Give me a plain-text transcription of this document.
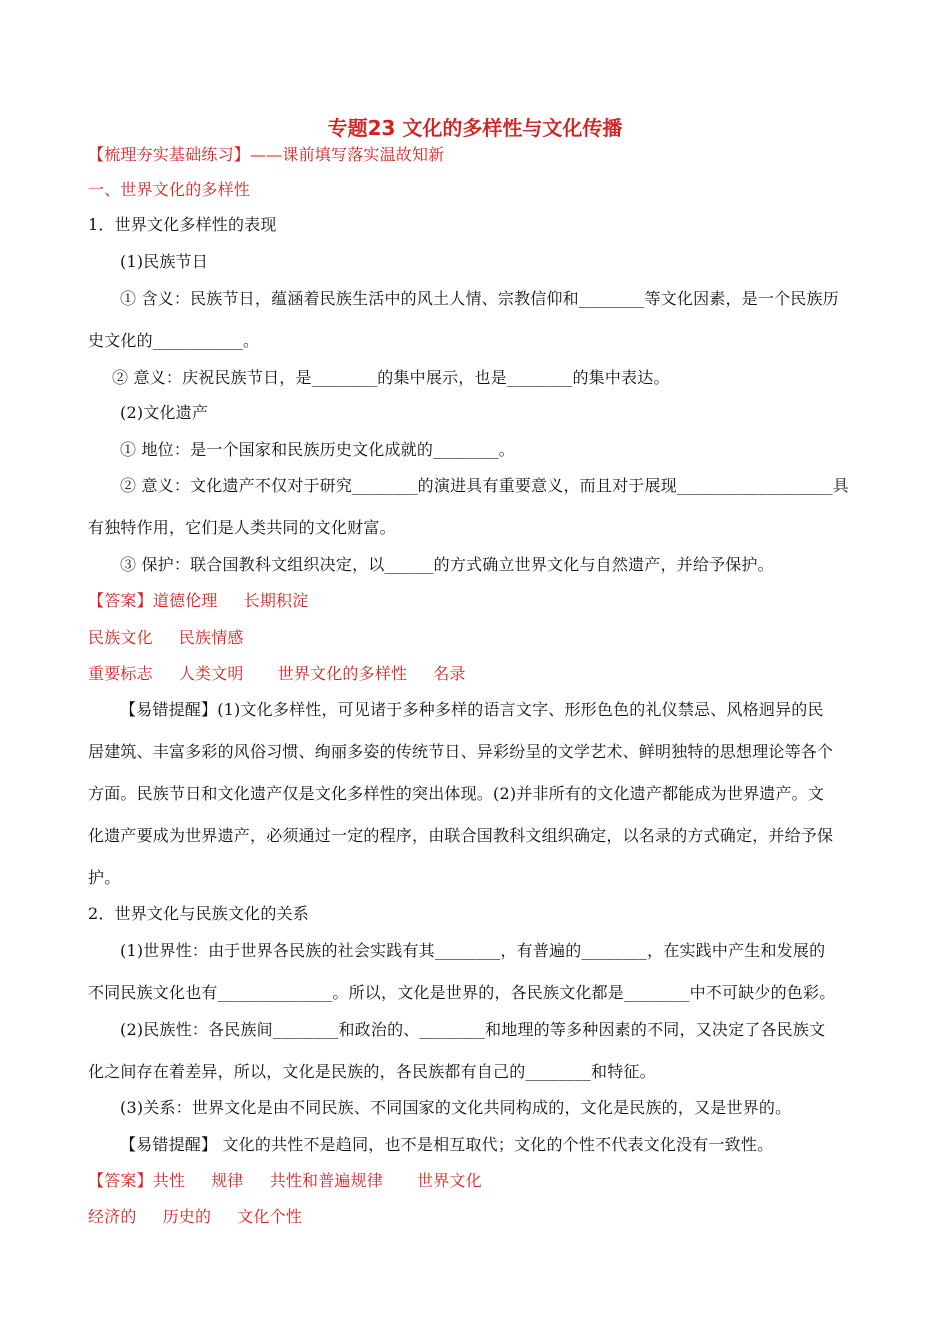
专题23 文化的多样性与文化传播
【梳理夯实基础练习】——课前填写落实温故知新
一、世界文化的多样性
1．世界文化多样性的表现
(1)民族节日
① 含义：民族节日，蕴涵着民族生活中的风土人情、宗教信仰和________等文化因素，是一个民族历
史文化的___________。
② 意义：庆祝民族节日，是________的集中展示，也是________的集中表达。
(2)文化遗产
① 地位：是一个国家和民族历史文化成就的________。
② 意义：文化遗产不仅对于研究________的演进具有重要意义，而且对于展现___________________具
有独特作用，它们是人类共同的文化财富。
③ 保护：联合国教科文组织决定，以______的方式确立世界文化与自然遗产，并给予保护。
【答案】道德伦理 长期积淀
民族文化 民族情感
重要标志 人类文明 世界文化的多样性 名录
【易错提醒】(1)文化多样性，可见诸于多种多样的语言文字、形形色色的礼仪禁忌、风格迥异的民
居建筑、丰富多彩的风俗习惯、绚丽多姿的传统节日、异彩纷呈的文学艺术、鲜明独特的思想理论等各个
方面。民族节日和文化遗产仅是文化多样性的突出体现。(2)并非所有的文化遗产都能成为世界遗产。文
化遗产要成为世界遗产，必须通过一定的程序，由联合国教科文组织确定，以名录的方式确定，并给予保
护。
2．世界文化与民族文化的关系
(1)世界性：由于世界各民族的社会实践有其________，有普遍的________，在实践中产生和发展的
不同民族文化也有______________。所以，文化是世界的，各民族文化都是________中不可缺少的色彩。
(2)民族性：各民族间________和政治的、________和地理的等多种因素的不同，又决定了各民族文
化之间存在着差异，所以，文化是民族的，各民族都有自己的________和特征。
(3)关系：世界文化是由不同民族、不同国家的文化共同构成的，文化是民族的，又是世界的。
【易错提醒】 文化的共性不是趋同，也不是相互取代；文化的个性不代表文化没有一致性。
【答案】共性 规律 共性和普遍规律 世界文化
经济的 历史的 文化个性
